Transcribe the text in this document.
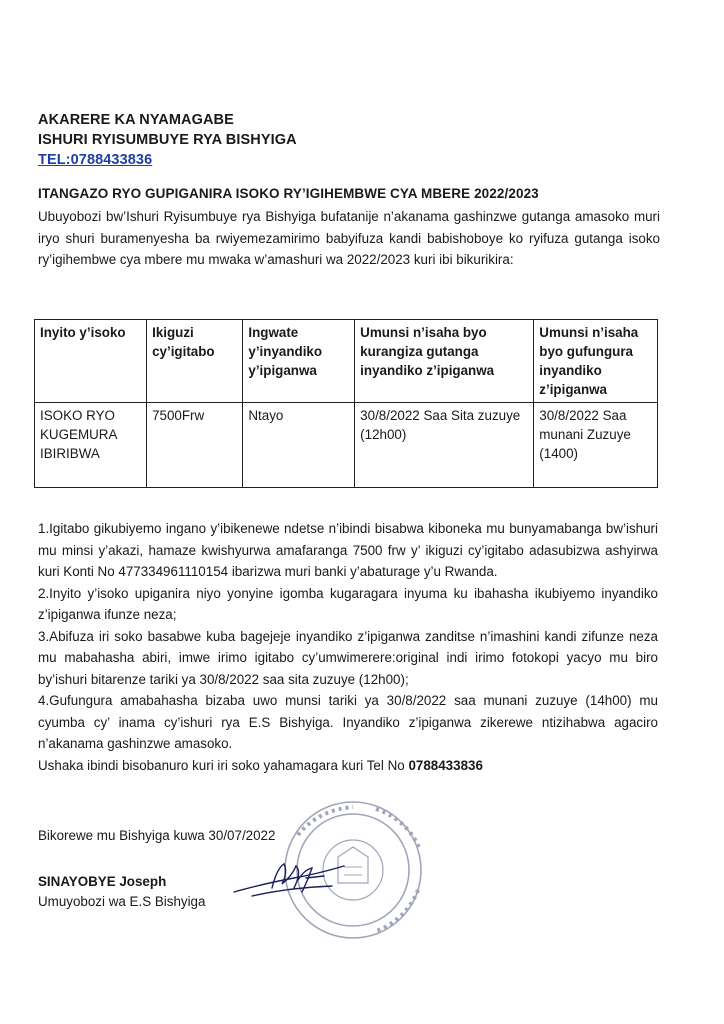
AKARERE KA NYAMAGABE
ISHURI RYISUMBUYE RYA BISHYIGA
TEL:0788433836
ITANGAZO RYO GUPIGANIRA ISOKO RY’IGIHEMBWE CYA MBERE 2022/2023
Ubuyobozi bw’Ishuri Ryisumbuye rya Bishyiga bufatanije n’akanama gashinzwe gutanga amasoko muri iryo shuri buramenyesha ba rwiyemezamirimo babyifuza kandi babishoboye ko ryifuza gutanga isoko ry’igihembwe cya mbere mu mwaka w’amashuri wa 2022/2023 kuri ibi bikurikira:
Inyito y’isoko	Ikiguzi cy’igitabo	Ingwate y’inyandiko y’ipiganwa	Umunsi n’isaha byo kurangiza gutanga inyandiko z’ipiganwa	Umunsi n’isaha byo gufungura inyandiko z’ipiganwa
ISOKO RYO KUGEMURA IBIRIBWA	7500Frw	Ntayo	30/8/2022 Saa Sita zuzuye (12h00)	30/8/2022 Saa munani Zuzuye (1400)

1.Igitabo gikubiyemo ingano y’ibikenewe ndetse n’ibindi bisabwa kiboneka mu bunyamabanga bw’ishuri mu minsi y’akazi, hamaze kwishyurwa amafaranga 7500 frw y’ ikiguzi cy’igitabo adasubizwa ashyirwa kuri Konti No 477334961110154 ibarizwa muri banki y’abaturage y’u Rwanda.

2.Inyito y’isoko upiganira niyo yonyine igomba kugaragara inyuma ku ibahasha ikubiyemo inyandiko z’ipiganwa ifunze neza;

3.Abifuza iri soko basabwe kuba bagejeje inyandiko z’ipiganwa zanditse n’imashini kandi zifunze neza mu mabahasha abiri, imwe irimo igitabo cy’umwimerere:original indi irimo fotokopi yacyo mu biro by’ishuri bitarenze tariki ya 30/8/2022 saa sita zuzuye (12h00);

4.Gufungura amabahasha bizaba uwo munsi tariki ya 30/8/2022 saa munani zuzuye (14h00) mu cyumba cy’ inama cy’ishuri rya E.S Bishyiga. Inyandiko z’ipiganwa zikerewe ntizihabwa agaciro n’akanama gashinzwe amasoko.

Ushaka ibindi bisobanuro kuri iri soko yahamagara kuri Tel No 0788433836

Bikorewe mu Bishyiga kuwa 30/07/2022
SINAYOBYE Joseph
Umuyobozi wa E.S Bishyiga
